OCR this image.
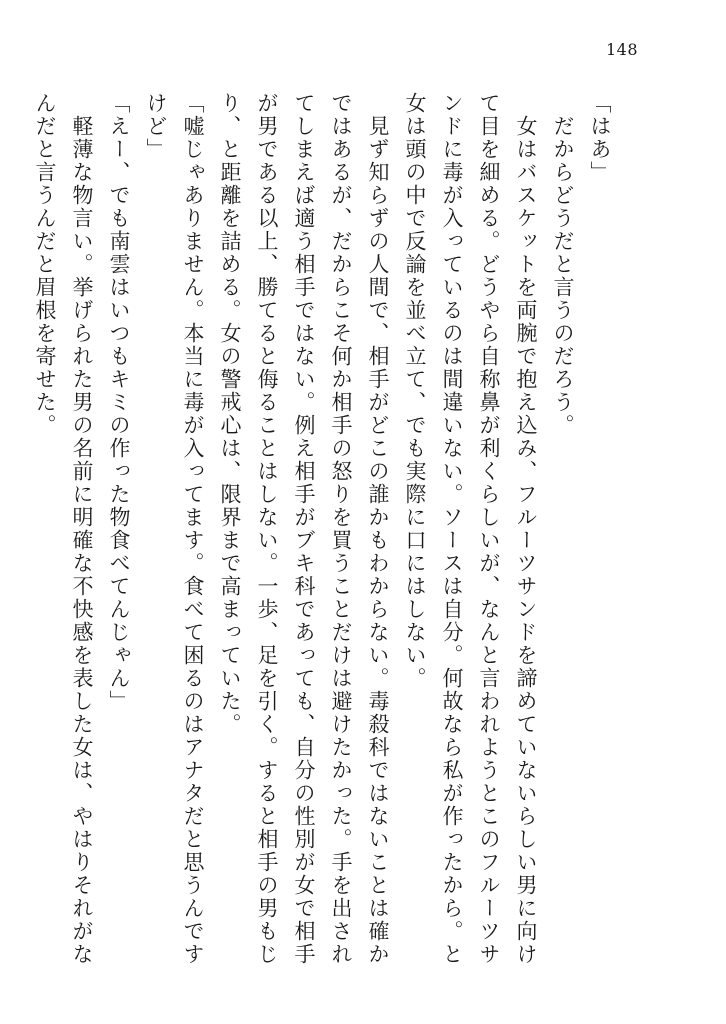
148

「はあ」

　だからどうだと言うのだろう。

　女はバスケットを両腕で抱え込み、フルーツサンドを諦めていないらしい男に向け

て目を細める。どうやら自称鼻が利くらしいが、なんと言われようとこのフルーツサ

ンドに毒が入っているのは間違いない。ソースは自分。何故なら私が作ったから。と

女は頭の中で反論を並べ立て、でも実際に口にはしない。

　見ず知らずの人間で、相手がどこの誰かもわからない。毒殺科ではないことは確か

ではあるが、だからこそ何か相手の怒りを買うことだけは避けたかった。手を出され

てしまえば適う相手ではない。例え相手がブキ科であっても、自分の性別が女で相手

が男である以上、勝てると侮ることはしない。一歩、足を引く。すると相手の男もじ

り、と距離を詰める。女の警戒心は、限界まで高まっていた。

「嘘じゃありません。本当に毒が入ってます。食べて困るのはアナタだと思うんです

けど」

「えー、でも南雲はいつもキミの作った物食べてんじゃん」

　軽薄な物言い。挙げられた男の名前に明確な不快感を表した女は、やはりそれがな

んだと言うんだと眉根を寄せた。
